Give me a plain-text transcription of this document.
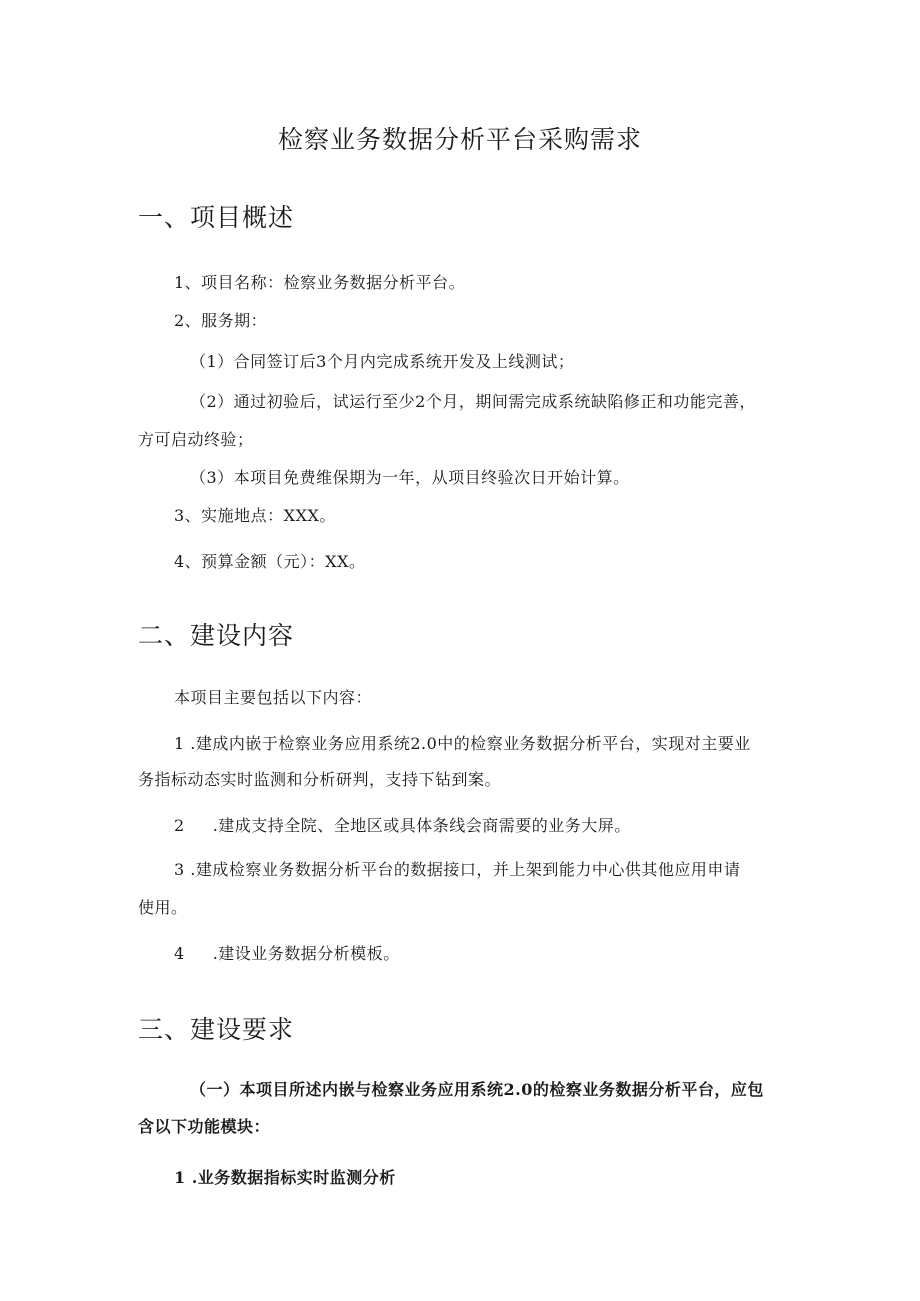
检察业务数据分析平台采购需求
一、项目概述
1、项目名称：检察业务数据分析平台。
2、服务期：
（1）合同签订后3个月内完成系统开发及上线测试；
（2）通过初验后，试运行至少2个月，期间需完成系统缺陷修正和功能完善，
方可启动终验；
（3）本项目免费维保期为一年，从项目终验次日开始计算。
3、实施地点：XXX。
4、预算金额（元）：XX。
二、建设内容
本项目主要包括以下内容：
1 .建成内嵌于检察业务应用系统2.0中的检察业务数据分析平台，实现对主要业
务指标动态实时监测和分析研判，支持下钻到案。
2 .建成支持全院、全地区或具体条线会商需要的业务大屏。
3 .建成检察业务数据分析平台的数据接口，并上架到能力中心供其他应用申请
使用。
4 .建设业务数据分析模板。
三、建设要求
（一）本项目所述内嵌与检察业务应用系统2.0的检察业务数据分析平台，应包
含以下功能模块：
1 .业务数据指标实时监测分析
